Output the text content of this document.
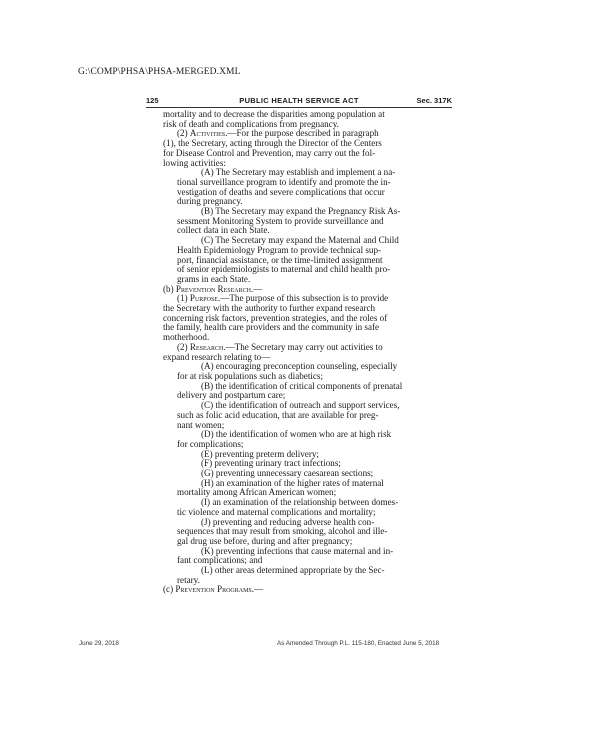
G:\COMP\PHSA\PHSA-MERGED.XML
125	PUBLIC HEALTH SERVICE ACT	Sec. 317K
mortality and to decrease the disparities among population at
risk of death and complications from pregnancy.
(2) Activities.—For the purpose described in paragraph
(1), the Secretary, acting through the Director of the Centers
for Disease Control and Prevention, may carry out the fol-
lowing activities:
(A) The Secretary may establish and implement a na-
tional surveillance program to identify and promote the in-
vestigation of deaths and severe complications that occur
during pregnancy.
(B) The Secretary may expand the Pregnancy Risk As-
sessment Monitoring System to provide surveillance and
collect data in each State.
(C) The Secretary may expand the Maternal and Child
Health Epidemiology Program to provide technical sup-
port, financial assistance, or the time-limited assignment
of senior epidemiologists to maternal and child health pro-
grams in each State.
(b) Prevention Research.—
(1) Purpose.—The purpose of this subsection is to provide
the Secretary with the authority to further expand research
concerning risk factors, prevention strategies, and the roles of
the family, health care providers and the community in safe
motherhood.
(2) Research.—The Secretary may carry out activities to
expand research relating to—
(A) encouraging preconception counseling, especially
for at risk populations such as diabetics;
(B) the identification of critical components of prenatal
delivery and postpartum care;
(C) the identification of outreach and support services,
such as folic acid education, that are available for preg-
nant women;
(D) the identification of women who are at high risk
for complications;
(E) preventing preterm delivery;
(F) preventing urinary tract infections;
(G) preventing unnecessary caesarean sections;
(H) an examination of the higher rates of maternal
mortality among African American women;
(I) an examination of the relationship between domes-
tic violence and maternal complications and mortality;
(J) preventing and reducing adverse health con-
sequences that may result from smoking, alcohol and ille-
gal drug use before, during and after pregnancy;
(K) preventing infections that cause maternal and in-
fant complications; and
(L) other areas determined appropriate by the Sec-
retary.
(c) Prevention Programs.—
June 29, 2018	As Amended Through P.L. 115-180, Enacted June 5, 2018
